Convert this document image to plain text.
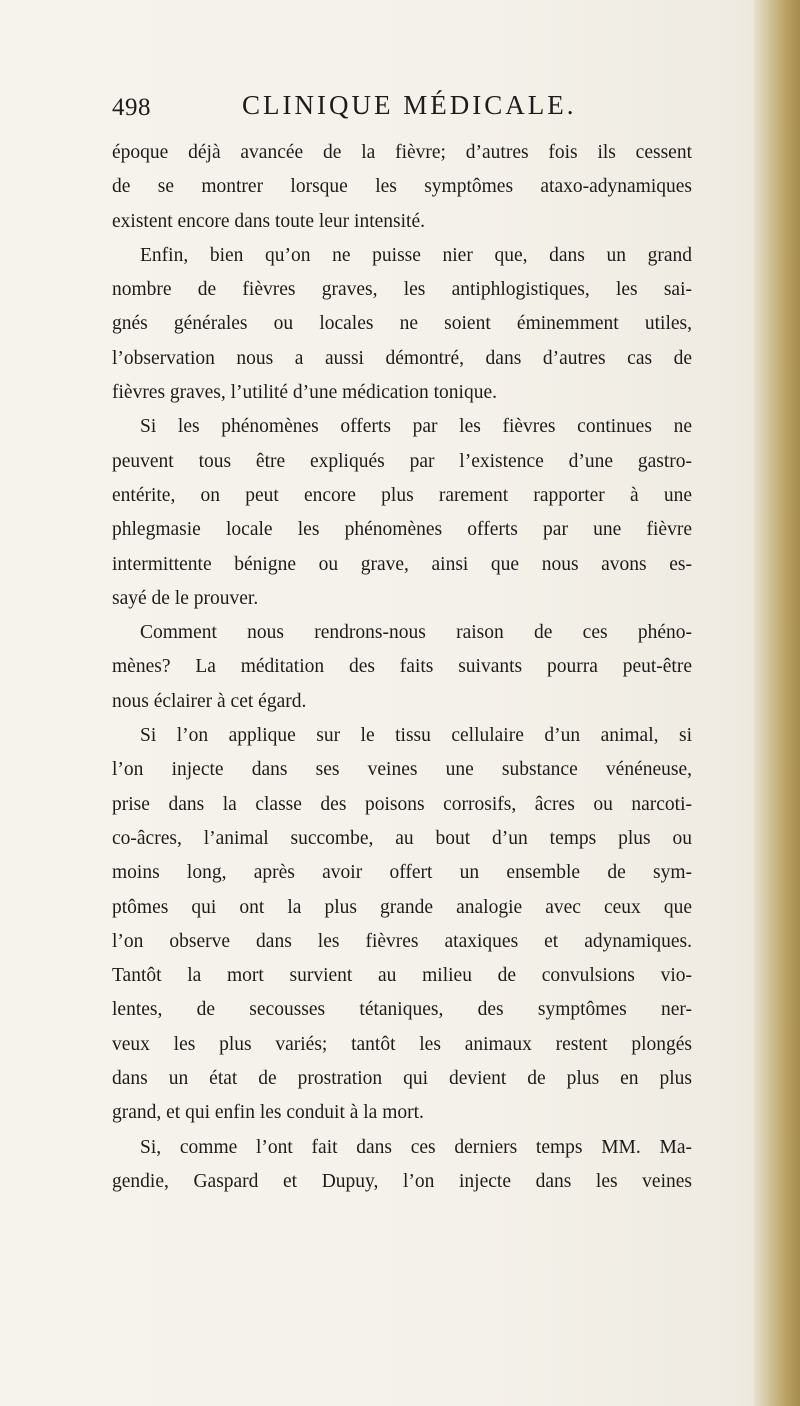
498	CLINIQUE MÉDICALE.
époque déjà avancée de la fièvre; d’autres fois ils cessent
de se montrer lorsque les symptômes ataxo-adynamiques
existent encore dans toute leur intensité.
Enfin, bien qu’on ne puisse nier que, dans un grand
nombre de fièvres graves, les antiphlogistiques, les sai-
gnés générales ou locales ne soient éminemment utiles,
l’observation nous a aussi démontré, dans d’autres cas de
fièvres graves, l’utilité d’une médication tonique.
Si les phénomènes offerts par les fièvres continues ne
peuvent tous être expliqués par l’existence d’une gastro-
entérite, on peut encore plus rarement rapporter à une
phlegmasie locale les phénomènes offerts par une fièvre
intermittente bénigne ou grave, ainsi que nous avons es-
sayé de le prouver.
Comment nous rendrons-nous raison de ces phéno-
mènes? La méditation des faits suivants pourra peut-être
nous éclairer à cet égard.
Si l’on applique sur le tissu cellulaire d’un animal, si
l’on injecte dans ses veines une substance vénéneuse,
prise dans la classe des poisons corrosifs, âcres ou narcoti-
co-âcres, l’animal succombe, au bout d’un temps plus ou
moins long, après avoir offert un ensemble de sym-
ptômes qui ont la plus grande analogie avec ceux que
l’on observe dans les fièvres ataxiques et adynamiques.
Tantôt la mort survient au milieu de convulsions vio-
lentes, de secousses tétaniques, des symptômes ner-
veux les plus variés; tantôt les animaux restent plongés
dans un état de prostration qui devient de plus en plus
grand, et qui enfin les conduit à la mort.
Si, comme l’ont fait dans ces derniers temps MM. Ma-
gendie, Gaspard et Dupuy, l’on injecte dans les veines
